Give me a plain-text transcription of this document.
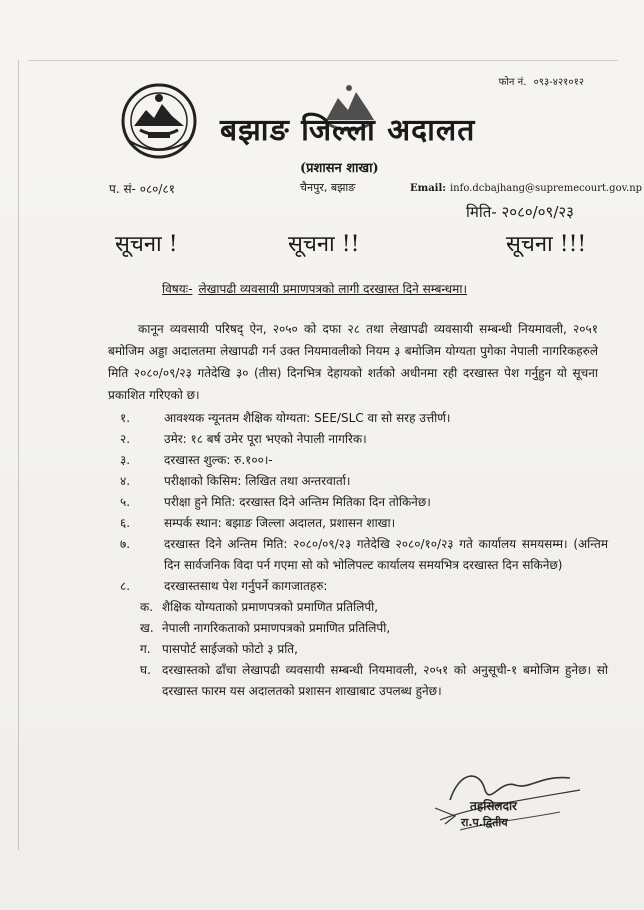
फोन नं. ०९३-४२१०१२
बझाङ जिल्ला अदालत
(प्रशासन शाखा)
चैनपुर, बझाङ
प. सं- ०८०/८१	Email: info.dcbajhang@supremecourt.gov.np
मिति- २०८०/०९/२३
सूचना !	सूचना !!	सूचना !!!
विषयः- लेखापढी व्यवसायी प्रमाणपत्रको लागी दरखास्त दिने सम्बन्धमा।
कानून व्यवसायी परिषद् ऐन, २०५० को दफा २८ तथा लेखापढी व्यवसायी सम्बन्धी नियमावली, २०५१ बमोजिम अड्डा अदालतमा लेखापढी गर्न उक्त नियमावलीको नियम ३ बमोजिम योग्यता पुगेका नेपाली नागरिकहरुले मिति २०८०/०९/२३ गतेदेखि ३० (तीस) दिनभित्र देहायको शर्तको अधीनमा रही दरखास्त पेश गर्नुहुन यो सूचना प्रकाशित गरिएको छ।
१.	आवश्यक न्यूनतम शैक्षिक योग्यता: SEE/SLC वा सो सरह उत्तीर्ण।
२.	उमेर: १८ बर्ष उमेर पूरा भएको नेपाली नागरिक।
३.	दरखास्त शुल्क: रु.१००।-
४.	परीक्षाको किसिम: लिखित तथा अन्तरवार्ता।
५.	परीक्षा हुने मिति: दरखास्त दिने अन्तिम मितिका दिन तोकिनेछ।
६.	सम्पर्क स्थान: बझाङ जिल्ला अदालत, प्रशासन शाखा।
७.	दरखास्त दिने अन्तिम मिति: २०८०/०९/२३ गतेदेखि २०८०/१०/२३ गते कार्यालय समयसम्म। (अन्तिम दिन सार्वजनिक विदा पर्न गएमा सो को भोलिपल्ट कार्यालय समयभित्र दरखास्त दिन सकिनेछ)
८.	दरखास्तसाथ पेश गर्नुपर्ने कागजातहरु:
क. शैक्षिक योग्यताको प्रमाणपत्रको प्रमाणित प्रतिलिपी,
ख. नेपाली नागरिकताको प्रमाणपत्रको प्रमाणित प्रतिलिपी,
ग. पासपोर्ट साईजको फोटो ३ प्रति,
घ. दरखास्तको ढाँचा लेखापढी व्यवसायी सम्बन्धी नियमावली, २०५१ को अनुसूची-१ बमोजिम हुनेछ। सो दरखास्त फारम यस अदालतको प्रशासन शाखाबाट उपलब्ध हुनेछ।
तहसिलदार
रा.प.द्वितीय
